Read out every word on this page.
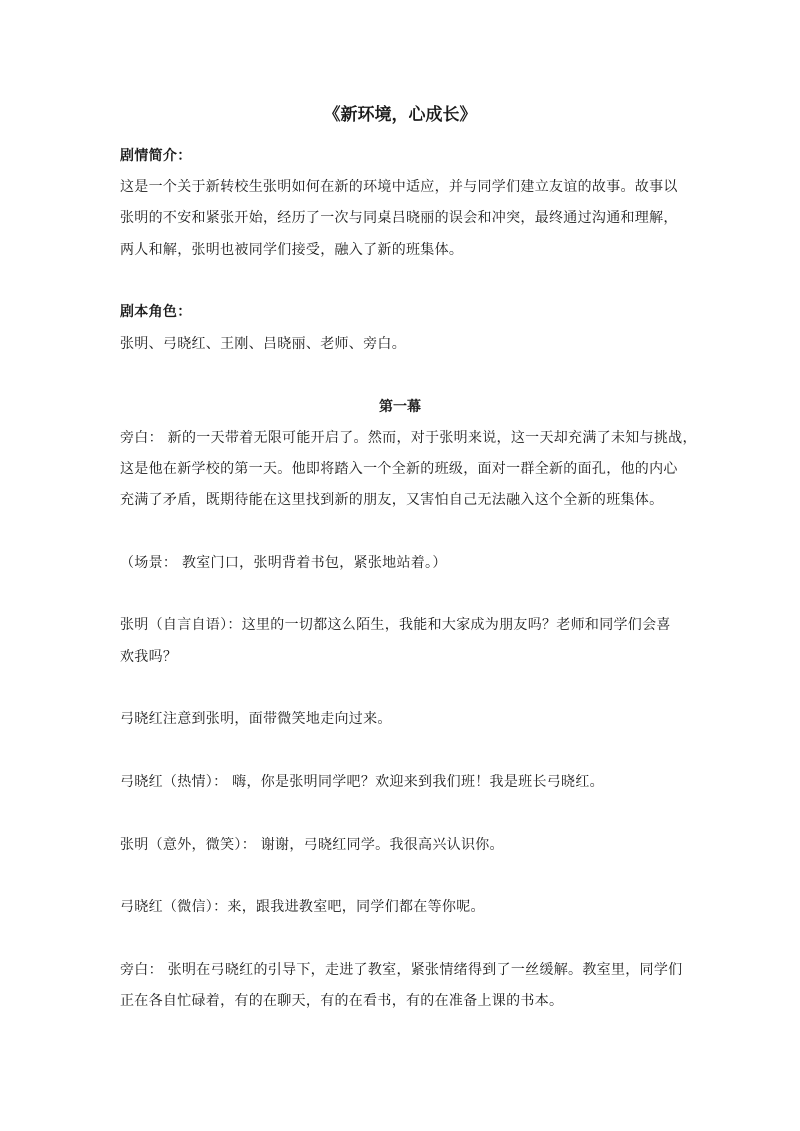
《新环境，心成长》
剧情简介：
这是一个关于新转校生张明如何在新的环境中适应，并与同学们建立友谊的故事。故事以
张明的不安和紧张开始，经历了一次与同桌吕晓丽的误会和冲突，最终通过沟通和理解，
两人和解，张明也被同学们接受，融入了新的班集体。
剧本角色：
张明、弓晓红、王刚、吕晓丽、老师、旁白。
第一幕
旁白： 新的一天带着无限可能开启了。然而，对于张明来说，这一天却充满了未知与挑战，
这是他在新学校的第一天。他即将踏入一个全新的班级，面对一群全新的面孔，他的内心
充满了矛盾，既期待能在这里找到新的朋友，又害怕自己无法融入这个全新的班集体。
（场景： 教室门口，张明背着书包，紧张地站着。）
张明（自言自语）：这里的一切都这么陌生，我能和大家成为朋友吗？老师和同学们会喜
欢我吗？
弓晓红注意到张明，面带微笑地走向过来。
弓晓红（热情）： 嗨，你是张明同学吧？欢迎来到我们班！我是班长弓晓红。
张明（意外，微笑）： 谢谢，弓晓红同学。我很高兴认识你。
弓晓红（微信）：来，跟我进教室吧，同学们都在等你呢。
旁白： 张明在弓晓红的引导下，走进了教室，紧张情绪得到了一丝缓解。教室里，同学们
正在各自忙碌着，有的在聊天，有的在看书，有的在准备上课的书本。
